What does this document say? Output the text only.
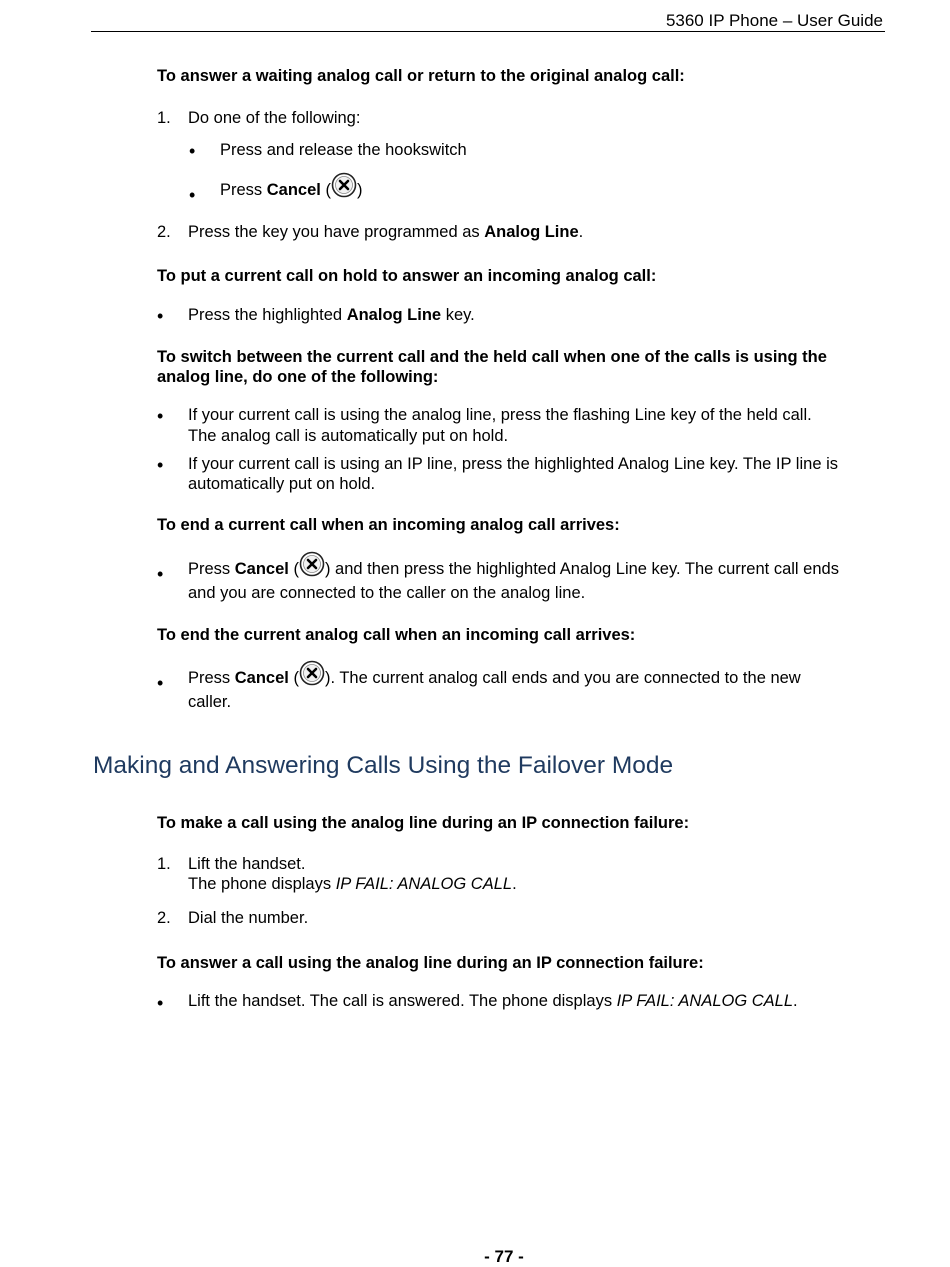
5360 IP Phone – User Guide
To answer a waiting analog call or return to the original analog call:
1. Do one of the following:
• Press and release the hookswitch
• Press Cancel ( )
2. Press the key you have programmed as Analog Line.
To put a current call on hold to answer an incoming analog call:
• Press the highlighted Analog Line key.
To switch between the current call and the held call when one of the calls is using the
analog line, do one of the following:
• If your current call is using the analog line, press the flashing Line key of the held call.
The analog call is automatically put on hold.
• If your current call is using an IP line, press the highlighted Analog Line key. The IP line is
automatically put on hold.
To end a current call when an incoming analog call arrives:
• Press Cancel ( ) and then press the highlighted Analog Line key. The current call ends
and you are connected to the caller on the analog line.
To end the current analog call when an incoming call arrives:
• Press Cancel ( ). The current analog call ends and you are connected to the new
caller.
Making and Answering Calls Using the Failover Mode
To make a call using the analog line during an IP connection failure:
1. Lift the handset.
The phone displays IP FAIL: ANALOG CALL.
2. Dial the number.
To answer a call using the analog line during an IP connection failure:
• Lift the handset. The call is answered. The phone displays IP FAIL: ANALOG CALL.
- 77 -
